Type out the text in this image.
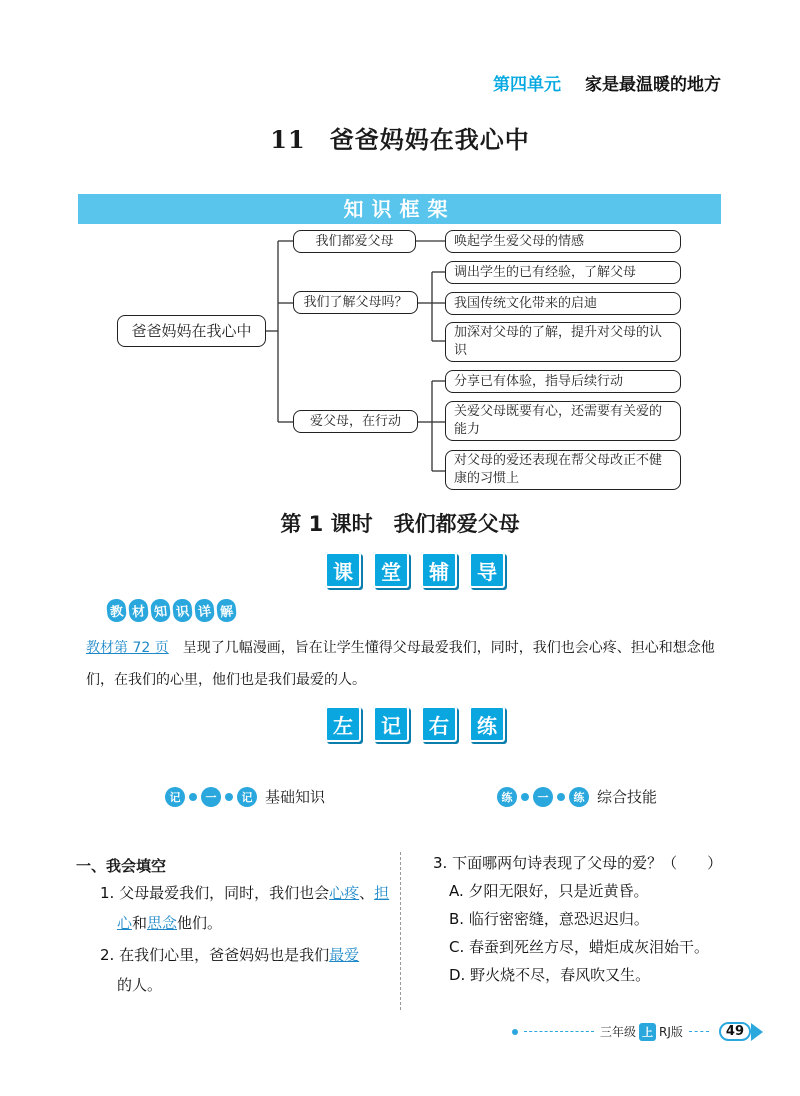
第四单元 家是最温暖的地方
11 爸爸妈妈在我心中
知识框架
爸爸妈妈在我心中
我们都爱父母
我们了解父母吗？
爱父母，在行动
唤起学生爱父母的情感
调出学生的已有经验，了解父母
我国传统文化带来的启迪
加深对父母的了解，提升对父母的认识
分享已有体验，指导后续行动
关爱父母既要有心，还需要有关爱的能力
对父母的爱还表现在帮父母改正不健康的习惯上
第 1 课时　我们都爱父母
课	堂	辅	导
教 材 知 识 详 解
教材第 72 页 呈现了几幅漫画，旨在让学生懂得父母最爱我们，同时，我们也会心疼、担心和想念他们，在我们的心里，他们也是我们最爱的人。
左	记	右	练
记	一	记 基础知识	练	一	练 综合技能
一、我会填空
1. 父母最爱我们，同时，我们也会心疼、担
心和思念他们。
2. 在我们心里，爸爸妈妈也是我们最爱
的人。
3. 下面哪两句诗表现了父母的爱？（　　）
A. 夕阳无限好，只是近黄昏。
B. 临行密密缝，意恐迟迟归。
C. 春蚕到死丝方尽，蜡炬成灰泪始干。
D. 野火烧不尽，春风吹又生。
三年级 上 RJ版	49
